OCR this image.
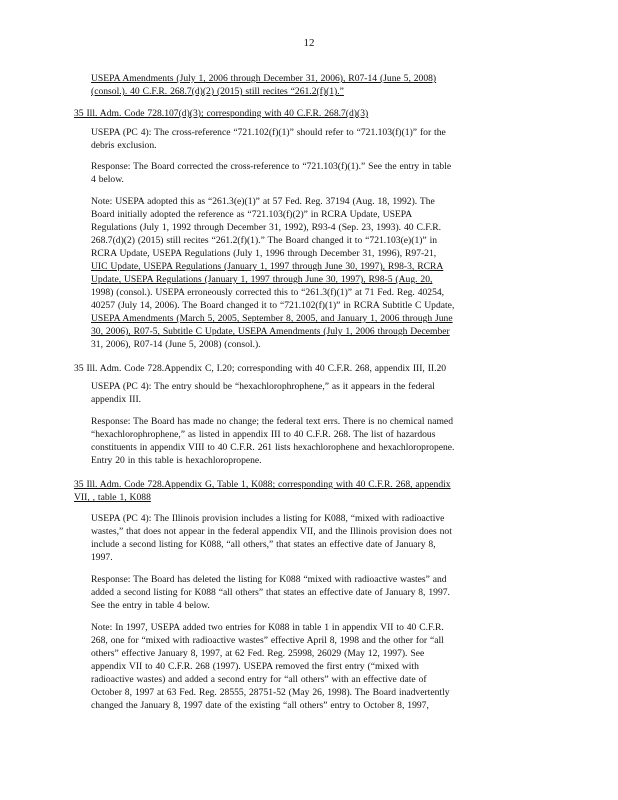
12
USEPA Amendments (July 1, 2006 through December 31, 2006), R07-14 (June 5, 2008)
(consol.). 40 C.F.R. 268.7(d)(2) (2015) still recites “261.2(f)(1).”
35 Ill. Adm. Code 728.107(d)(3); corresponding with 40 C.F.R. 268.7(d)(3)
USEPA (PC 4): The cross-reference “721.102(f)(1)” should refer to “721.103(f)(1)” for the
debris exclusion.
Response: The Board corrected the cross-reference to “721.103(f)(1).” See the entry in table
4 below.
Note: USEPA adopted this as “261.3(e)(1)” at 57 Fed. Reg. 37194 (Aug. 18, 1992). The
Board initially adopted the reference as “721.103(f)(2)” in RCRA Update, USEPA
Regulations (July 1, 1992 through December 31, 1992), R93-4 (Sep. 23, 1993). 40 C.F.R.
268.7(d)(2) (2015) still recites “261.2(f)(1).” The Board changed it to “721.103(e)(1)” in
RCRA Update, USEPA Regulations (July 1, 1996 through December 31, 1996), R97-21,
UIC Update, USEPA Regulations (January 1, 1997 through June 30, 1997), R98-3, RCRA
Update, USEPA Regulations (January 1, 1997 through June 30, 1997), R98-5 (Aug. 20,
1998) (consol.). USEPA erroneously corrected this to “261.3(f)(1)” at 71 Fed. Reg. 40254,
40257 (July 14, 2006). The Board changed it to “721.102(f)(1)” in RCRA Subtitle C Update,
USEPA Amendments (March 5, 2005, September 8, 2005, and January 1, 2006 through June
30, 2006), R07-5, Subtitle C Update, USEPA Amendments (July 1, 2006 through December
31, 2006), R07-14 (June 5, 2008) (consol.).
35 Ill. Adm. Code 728.Appendix C, I.20; corresponding with 40 C.F.R. 268, appendix III, II.20
USEPA (PC 4): The entry should be “hexachlorophrophene,” as it appears in the federal
appendix III.
Response: The Board has made no change; the federal text errs. There is no chemical named
“hexachlorophrophene,” as listed in appendix III to 40 C.F.R. 268. The list of hazardous
constituents in appendix VIII to 40 C.F.R. 261 lists hexachlorophene and hexachloropropene.
Entry 20 in this table is hexachloropropene.
35 Ill. Adm. Code 728.Appendix G, Table 1, K088; corresponding with 40 C.F.R. 268, appendix
VII, , table 1, K088
USEPA (PC 4): The Illinois provision includes a listing for K088, “mixed with radioactive
wastes,” that does not appear in the federal appendix VII, and the Illinois provision does not
include a second listing for K088, “all others,” that states an effective date of January 8,
1997.
Response: The Board has deleted the listing for K088 “mixed with radioactive wastes” and
added a second listing for K088 “all others” that states an effective date of January 8, 1997.
See the entry in table 4 below.
Note: In 1997, USEPA added two entries for K088 in table 1 in appendix VII to 40 C.F.R.
268, one for “mixed with radioactive wastes” effective April 8, 1998 and the other for “all
others” effective January 8, 1997, at 62 Fed. Reg. 25998, 26029 (May 12, 1997). See
appendix VII to 40 C.F.R. 268 (1997). USEPA removed the first entry (“mixed with
radioactive wastes) and added a second entry for “all others” with an effective date of
October 8, 1997 at 63 Fed. Reg. 28555, 28751-52 (May 26, 1998). The Board inadvertently
changed the January 8, 1997 date of the existing “all others” entry to October 8, 1997,
